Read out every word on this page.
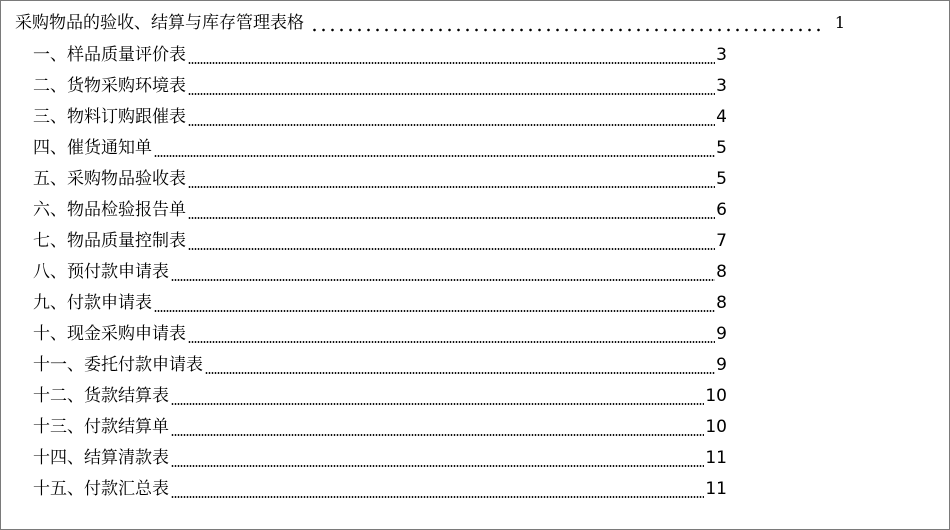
采购物品的验收、结算与库存管理表格	1
一、样品质量评价表	3
二、货物采购环境表	3
三、物料订购跟催表	4
四、催货通知单	5
五、采购物品验收表	5
六、物品检验报告单	6
七、物品质量控制表	7
八、预付款申请表	8
九、付款申请表	8
十、现金采购申请表	9
十一、委托付款申请表	9
十二、货款结算表	10
十三、付款结算单	10
十四、结算清款表	11
十五、付款汇总表	11
